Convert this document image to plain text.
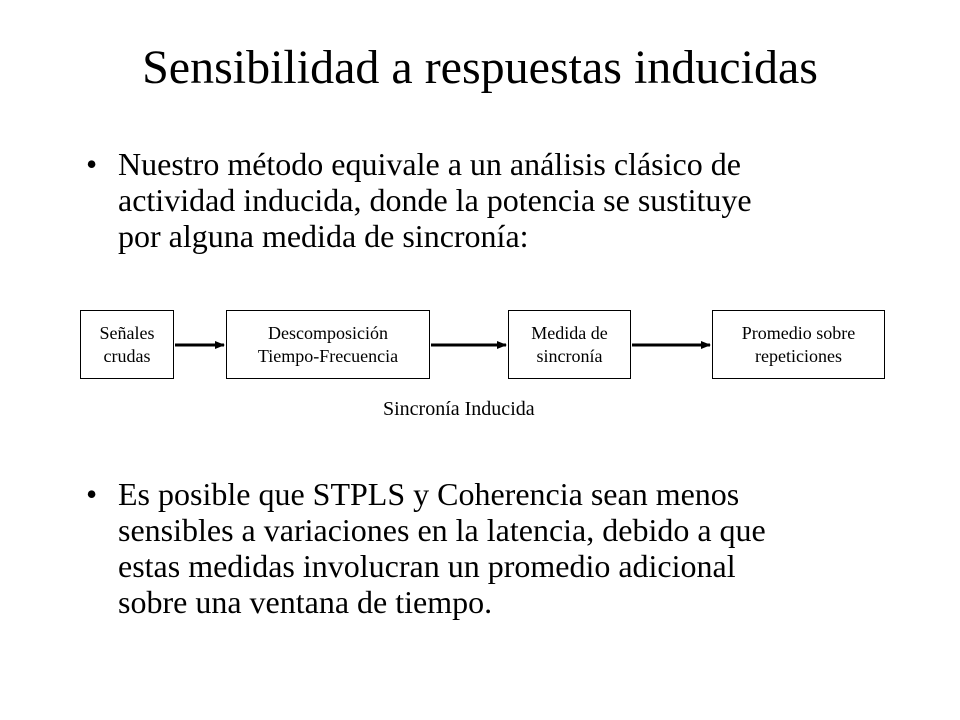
Sensibilidad a respuestas inducidas
• Nuestro método equivale a un análisis clásico de
actividad inducida, donde la potencia se sustituye
por alguna medida de sincronía:
Señales
crudas
Descomposición
Tiempo-Frecuencia
Medida de
sincronía
Promedio sobre
repeticiones
Sincronía Inducida
• Es posible que STPLS y Coherencia sean menos
sensibles a variaciones en la latencia, debido a que
estas medidas involucran un promedio adicional
sobre una ventana de tiempo.
